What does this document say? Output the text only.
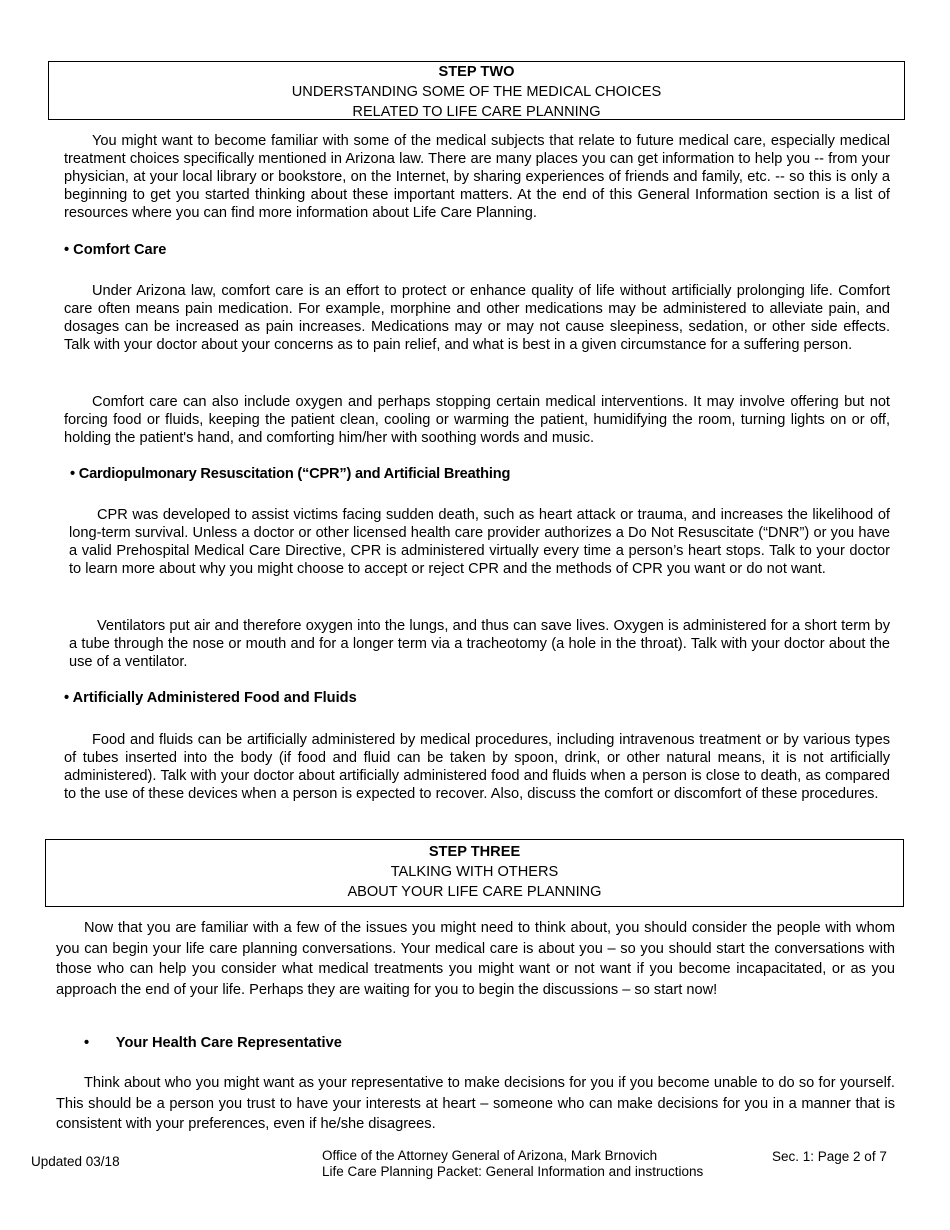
STEP TWO
UNDERSTANDING SOME OF THE MEDICAL CHOICES
RELATED TO LIFE CARE PLANNING

You might want to become familiar with some of the medical subjects that relate to future medical care, especially medical treatment choices specifically mentioned in Arizona law. There are many places you can get information to help you -- from your physician, at your local library or bookstore, on the Internet, by sharing experiences of friends and family, etc. -- so this is only a beginning to get you started thinking about these important matters. At the end of this General Information section is a list of resources where you can find more information about Life Care Planning.

• Comfort Care

Under Arizona law, comfort care is an effort to protect or enhance quality of life without artificially prolonging life. Comfort care often means pain medication. For example, morphine and other medications may be administered to alleviate pain, and dosages can be increased as pain increases. Medications may or may not cause sleepiness, sedation, or other side effects. Talk with your doctor about your concerns as to pain relief, and what is best in a given circumstance for a suffering person.

Comfort care can also include oxygen and perhaps stopping certain medical interventions. It may involve offering but not forcing food or fluids, keeping the patient clean, cooling or warming the patient, humidifying the room, turning lights on or off, holding the patient's hand, and comforting him/her with soothing words and music.

• Cardiopulmonary Resuscitation (“CPR”) and Artificial Breathing

CPR was developed to assist victims facing sudden death, such as heart attack or trauma, and increases the likelihood of long-term survival. Unless a doctor or other licensed health care provider authorizes a Do Not Resuscitate (“DNR”) or you have a valid Prehospital Medical Care Directive, CPR is administered virtually every time a person’s heart stops. Talk to your doctor to learn more about why you might choose to accept or reject CPR and the methods of CPR you want or do not want.

Ventilators put air and therefore oxygen into the lungs, and thus can save lives. Oxygen is administered for a short term by a tube through the nose or mouth and for a longer term via a tracheotomy (a hole in the throat). Talk with your doctor about the use of a ventilator.

• Artificially Administered Food and Fluids

Food and fluids can be artificially administered by medical procedures, including intravenous treatment or by various types of tubes inserted into the body (if food and fluid can be taken by spoon, drink, or other natural means, it is not artificially administered). Talk with your doctor about artificially administered food and fluids when a person is close to death, as compared to the use of these devices when a person is expected to recover. Also, discuss the comfort or discomfort of these procedures.

STEP THREE
TALKING WITH OTHERS
ABOUT YOUR LIFE CARE PLANNING

Now that you are familiar with a few of the issues you might need to think about, you should consider the people with whom you can begin your life care planning conversations. Your medical care is about you – so you should start the conversations with those who can help you consider what medical treatments you might want or not want if you become incapacitated, or as you approach the end of your life. Perhaps they are waiting for you to begin the discussions – so start now!

• Your Health Care Representative

Think about who you might want as your representative to make decisions for you if you become unable to do so for yourself. This should be a person you trust to have your interests at heart – someone who can make decisions for you in a manner that is consistent with your preferences, even if he/she disagrees.

Updated 03/18	Office of the Attorney General of Arizona, Mark Brnovich
Life Care Planning Packet: General Information and instructions
Sec. 1: Page 2 of 7
